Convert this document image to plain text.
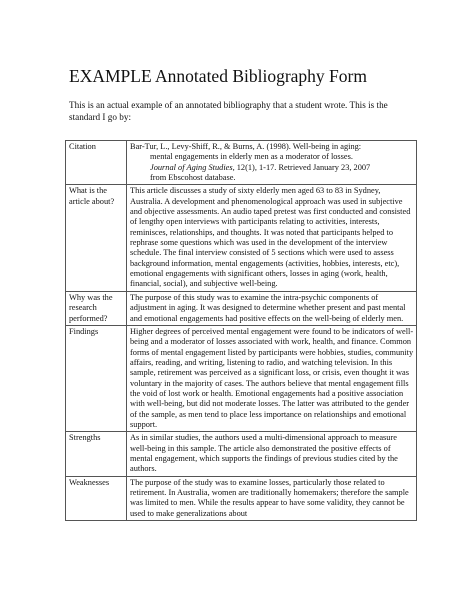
EXAMPLE Annotated Bibliography Form

This is an actual example of an annotated bibliography that a student wrote. This is the standard I go by:

Citation	Bar-Tur, L., Levy-Shiff, R., & Burns, A. (1998). Well-being in aging:
mental engagements in elderly men as a moderator of losses.
Journal of Aging Studies, 12(1), 1-17. Retrieved January 23, 2007
from Ebscohost database.

What is the article about?	This article discusses a study of sixty elderly men aged 63 to 83 in Sydney, Australia. A development and phenomenological approach was used in subjective and objective assessments. An audio taped pretest was first conducted and consisted of lengthy open interviews with participants relating to activities, interests, reminisces, relationships, and thoughts. It was noted that participants helped to rephrase some questions which was used in the development of the interview schedule. The final interview consisted of 5 sections which were used to assess background information, mental engagements (activities, hobbies, interests, etc), emotional engagements with significant others, losses in aging (work, health, financial, social), and subjective well-being.
Why was the research performed?	The purpose of this study was to examine the intra-psychic components of adjustment in aging. It was designed to determine whether present and past mental and emotional engagements had positive effects on the well-being of elderly men.
Findings	Higher degrees of perceived mental engagement were found to be indicators of well-being and a moderator of losses associated with work, health, and finance. Common forms of mental engagement listed by participants were hobbies, studies, community affairs, reading, and writing, listening to radio, and watching television. In this sample, retirement was perceived as a significant loss, or crisis, even thought it was voluntary in the majority of cases. The authors believe that mental engagement fills the void of lost work or health. Emotional engagements had a positive association with well-being, but did not moderate losses. The latter was attributed to the gender of the sample, as men tend to place less importance on relationships and emotional support.
Strengths	As in similar studies, the authors used a multi-dimensional approach to measure well-being in this sample. The article also demonstrated the positive effects of mental engagement, which supports the findings of previous studies cited by the authors.
Weaknesses	The purpose of the study was to examine losses, particularly those related to retirement. In Australia, women are traditionally homemakers; therefore the sample was limited to men. While the results appear to have some validity, they cannot be used to make generalizations about
